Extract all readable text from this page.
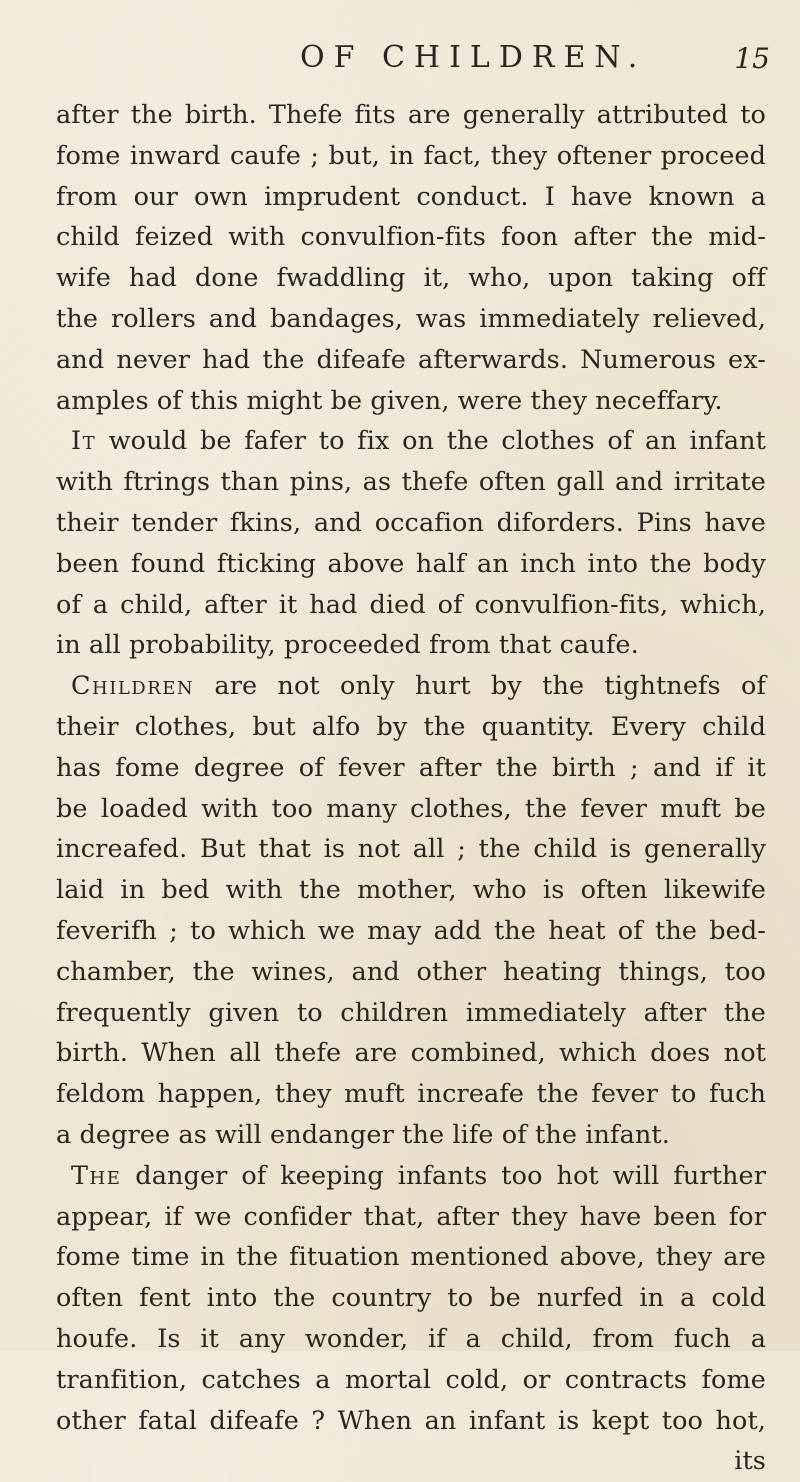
OF CHILDREN.	15
after the birth. Thefe fits are generally attributed to
fome inward caufe ; but, in fact, they oftener proceed
from our own imprudent conduct. I have known a
child feized with convulfion-fits foon after the mid-
wife had done fwaddling it, who, upon taking off
the rollers and bandages, was immediately relieved,
and never had the difeafe afterwards. Numerous ex-
amples of this might be given, were they neceffary.
It would be fafer to fix on the clothes of an infant
with ftrings than pins, as thefe often gall and irritate
their tender fkins, and occafion diforders. Pins have
been found fticking above half an inch into the body
of a child, after it had died of convulfion-fits, which,
in all probability, proceeded from that caufe.
Children are not only hurt by the tightnefs of
their clothes, but alfo by the quantity. Every child
has fome degree of fever after the birth ; and if it
be loaded with too many clothes, the fever muft be
increafed. But that is not all ; the child is generally
laid in bed with the mother, who is often likewife
feverifh ; to which we may add the heat of the bed-
chamber, the wines, and other heating things, too
frequently given to children immediately after the
birth. When all thefe are combined, which does not
feldom happen, they muft increafe the fever to fuch
a degree as will endanger the life of the infant.
The danger of keeping infants too hot will further
appear, if we confider that, after they have been for
fome time in the fituation mentioned above, they are
often fent into the country to be nurfed in a cold
houfe. Is it any wonder, if a child, from fuch a
tranfition, catches a mortal cold, or contracts fome
other fatal difeafe ? When an infant is kept too hot,
its
